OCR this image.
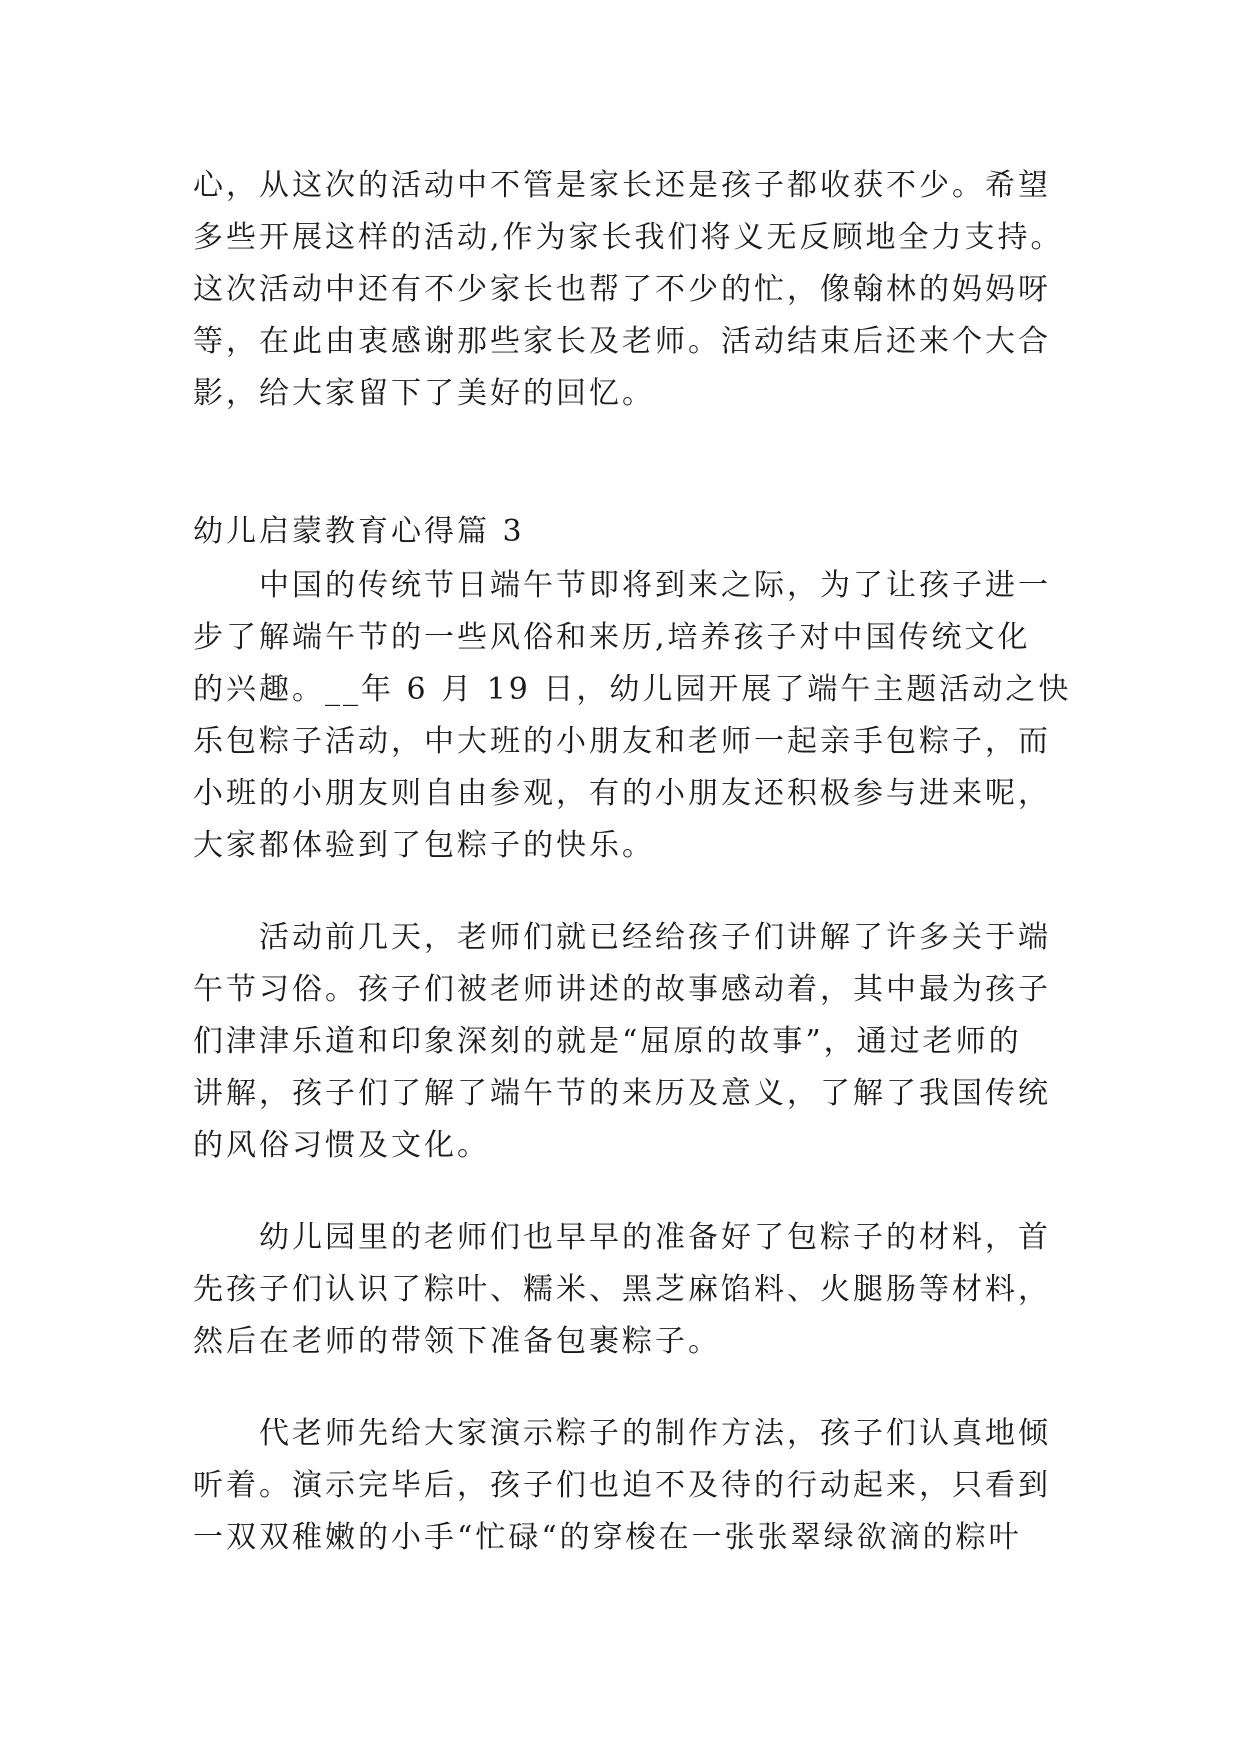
心，从这次的活动中不管是家长还是孩子都收获不少。希望

多些开展这样的活动,作为家长我们将义无反顾地全力支持。

这次活动中还有不少家长也帮了不少的忙，像翰林的妈妈呀

等，在此由衷感谢那些家长及老师。活动结束后还来个大合

影，给大家留下了美好的回忆。

幼儿启蒙教育心得篇 3

　　中国的传统节日端午节即将到来之际，为了让孩子进一

步了解端午节的一些风俗和来历,培养孩子对中国传统文化

的兴趣。__年 6 月 19 日，幼儿园开展了端午主题活动之快

乐包粽子活动，中大班的小朋友和老师一起亲手包粽子，而

小班的小朋友则自由参观，有的小朋友还积极参与进来呢，

大家都体验到了包粽子的快乐。

　　活动前几天，老师们就已经给孩子们讲解了许多关于端

午节习俗。孩子们被老师讲述的故事感动着，其中最为孩子

们津津乐道和印象深刻的就是“屈原的故事”，通过老师的

讲解，孩子们了解了端午节的来历及意义，了解了我国传统

的风俗习惯及文化。

　　幼儿园里的老师们也早早的准备好了包粽子的材料，首

先孩子们认识了粽叶、糯米、黑芝麻馅料、火腿肠等材料，

然后在老师的带领下准备包裹粽子。

　　代老师先给大家演示粽子的制作方法，孩子们认真地倾

听着。演示完毕后，孩子们也迫不及待的行动起来，只看到

一双双稚嫩的小手“忙碌“的穿梭在一张张翠绿欲滴的粽叶
